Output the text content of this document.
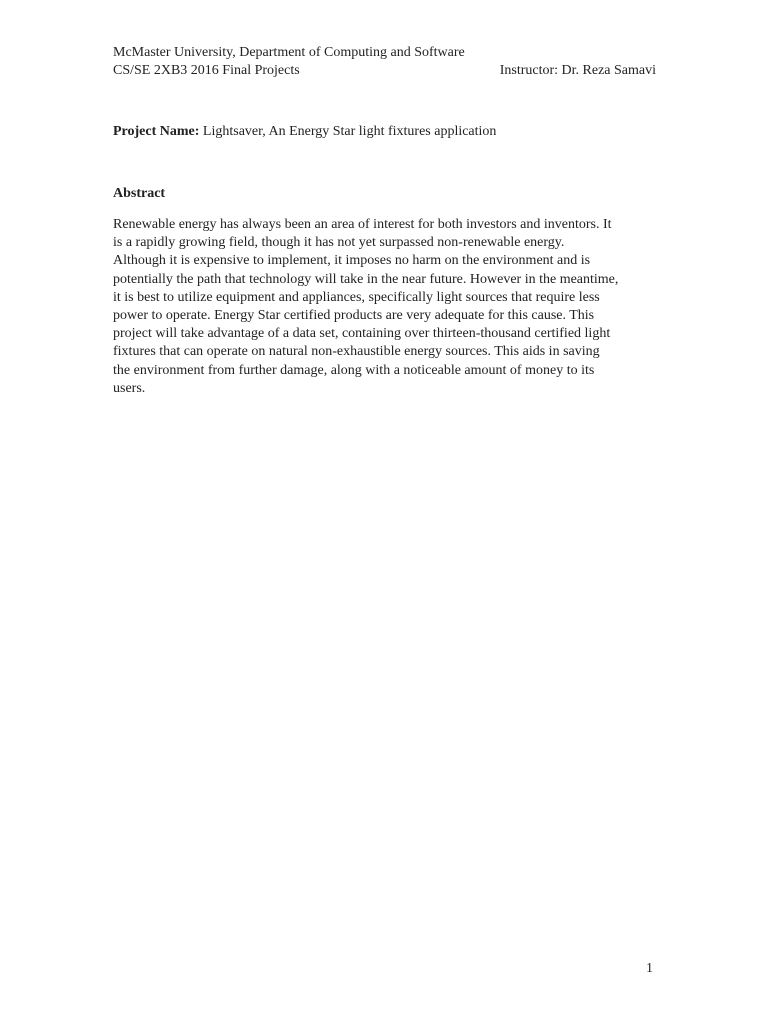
McMaster University, Department of Computing and Software
CS/SE 2XB3 2016 Final Projects	Instructor: Dr. Reza Samavi
Project Name: Lightsaver, An Energy Star light fixtures application
Abstract

Renewable energy has always been an area of interest for both investors and inventors. It
is a rapidly growing field, though it has not yet surpassed non-renewable energy.
Although it is expensive to implement, it imposes no harm on the environment and is
potentially the path that technology will take in the near future. However in the meantime,
it is best to utilize equipment and appliances, specifically light sources that require less
power to operate. Energy Star certified products are very adequate for this cause. This
project will take advantage of a data set, containing over thirteen-thousand certified light
fixtures that can operate on natural non-exhaustible energy sources. This aids in saving
the environment from further damage, along with a noticeable amount of money to its
users.

1
